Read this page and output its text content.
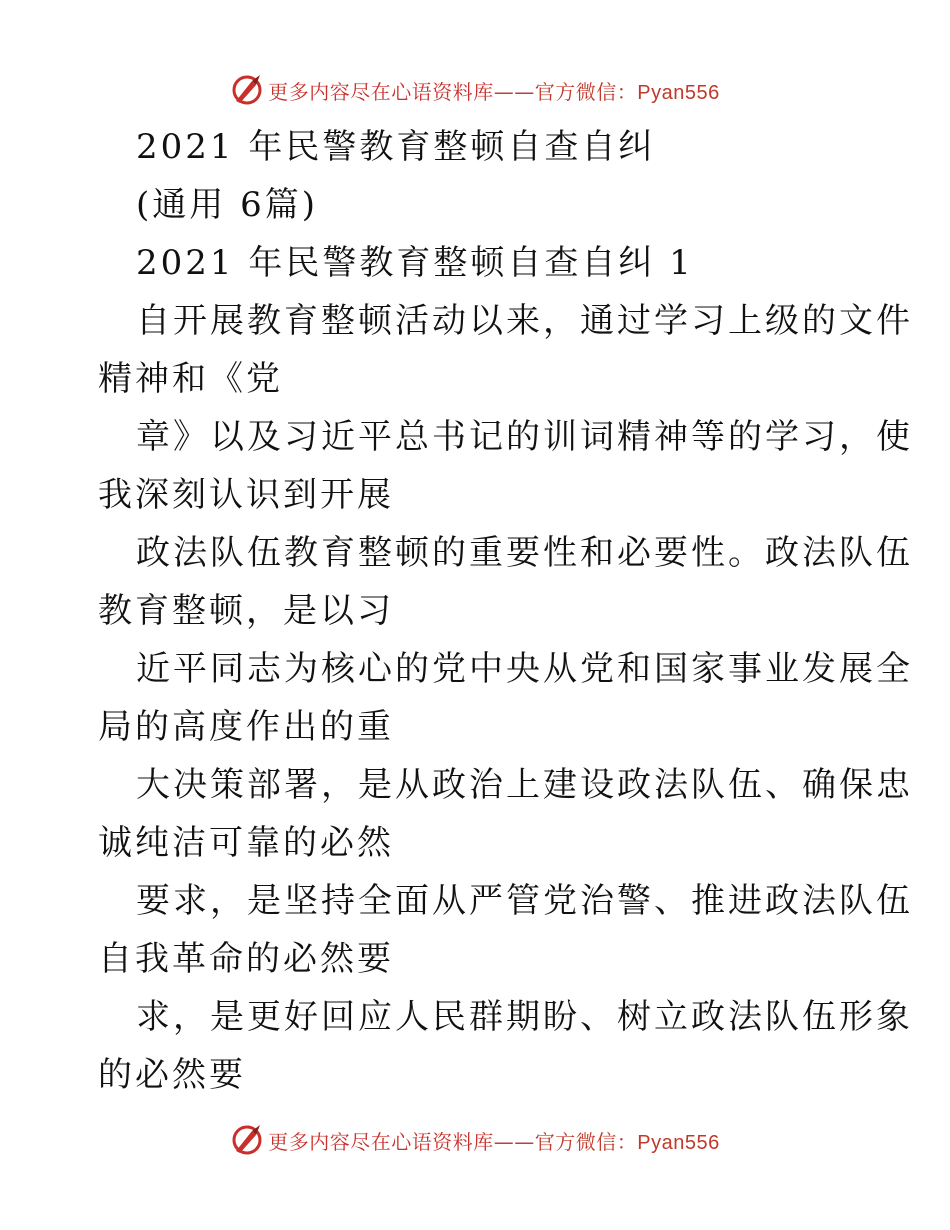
更多内容尽在心语资料库——官方微信：Pyan556
2021 年民警教育整顿自查自纠
(通用 6篇)
2021 年民警教育整顿自查自纠 1
自开展教育整顿活动以来，通过学习上级的文件
精神和《党
章》以及习近平总书记的训词精神等的学习，使
我深刻认识到开展
政法队伍教育整顿的重要性和必要性。政法队伍
教育整顿，是以习
近平同志为核心的党中央从党和国家事业发展全
局的高度作出的重
大决策部署，是从政治上建设政法队伍、确保忠
诚纯洁可靠的必然
要求，是坚持全面从严管党治警、推进政法队伍
自我革命的必然要
求，是更好回应人民群期盼、树立政法队伍形象
的必然要
更多内容尽在心语资料库——官方微信：Pyan556
